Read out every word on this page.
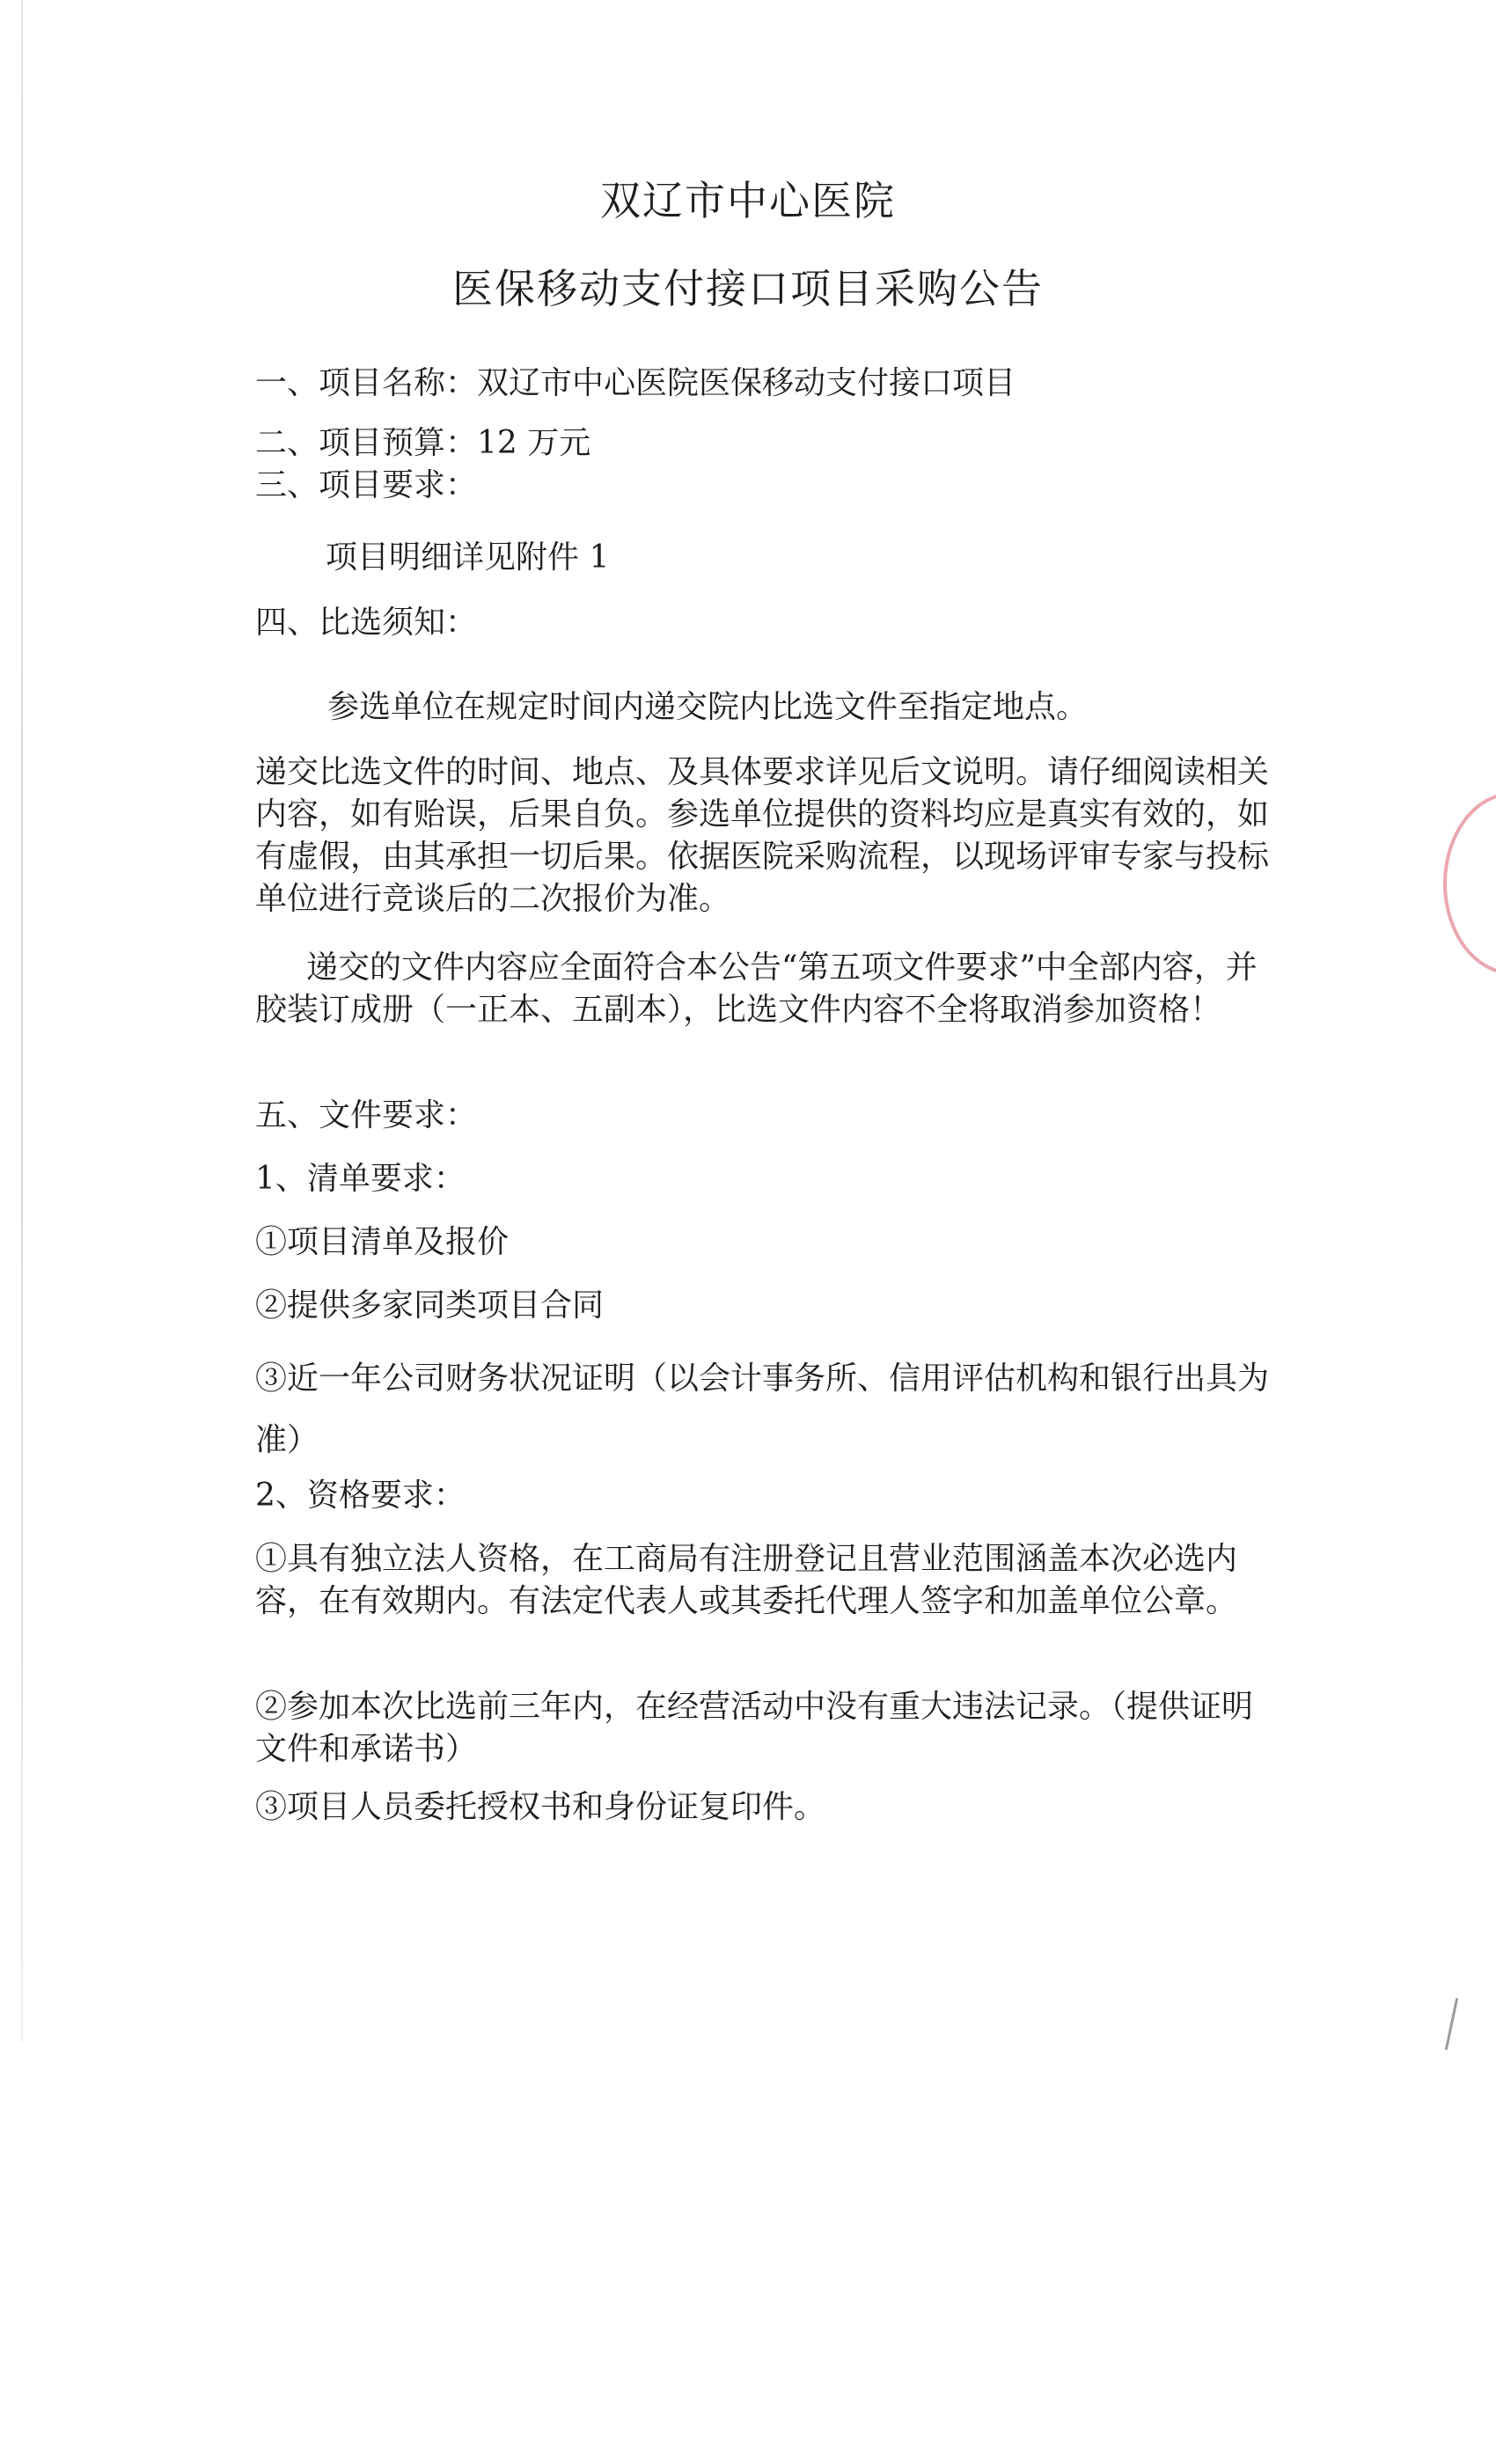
双辽市中心医院
医保移动支付接口项目采购公告

一、项目名称：双辽市中心医院医保移动支付接口项目

二、项目预算：12 万元

三、项目要求：

项目明细详见附件 1

四、比选须知：

参选单位在规定时间内递交院内比选文件至指定地点。

递交比选文件的时间、地点、及具体要求详见后文说明。请仔细阅读相关内容，如有贻误，后果自负。参选单位提供的资料均应是真实有效的，如有虚假，由其承担一切后果。依据医院采购流程，以现场评审专家与投标单位进行竞谈后的二次报价为准。

递交的文件内容应全面符合本公告“第五项文件要求”中全部内容，并胶装订成册（一正本、五副本），比选文件内容不全将取消参加资格！

五、文件要求：

1、清单要求：

①项目清单及报价

②提供多家同类项目合同

③近一年公司财务状况证明（以会计事务所、信用评估机构和银行出具为准）

2、资格要求：

①具有独立法人资格，在工商局有注册登记且营业范围涵盖本次必选内容，在有效期内。有法定代表人或其委托代理人签字和加盖单位公章。

②参加本次比选前三年内，在经营活动中没有重大违法记录。（提供证明文件和承诺书）

③项目人员委托授权书和身份证复印件。
